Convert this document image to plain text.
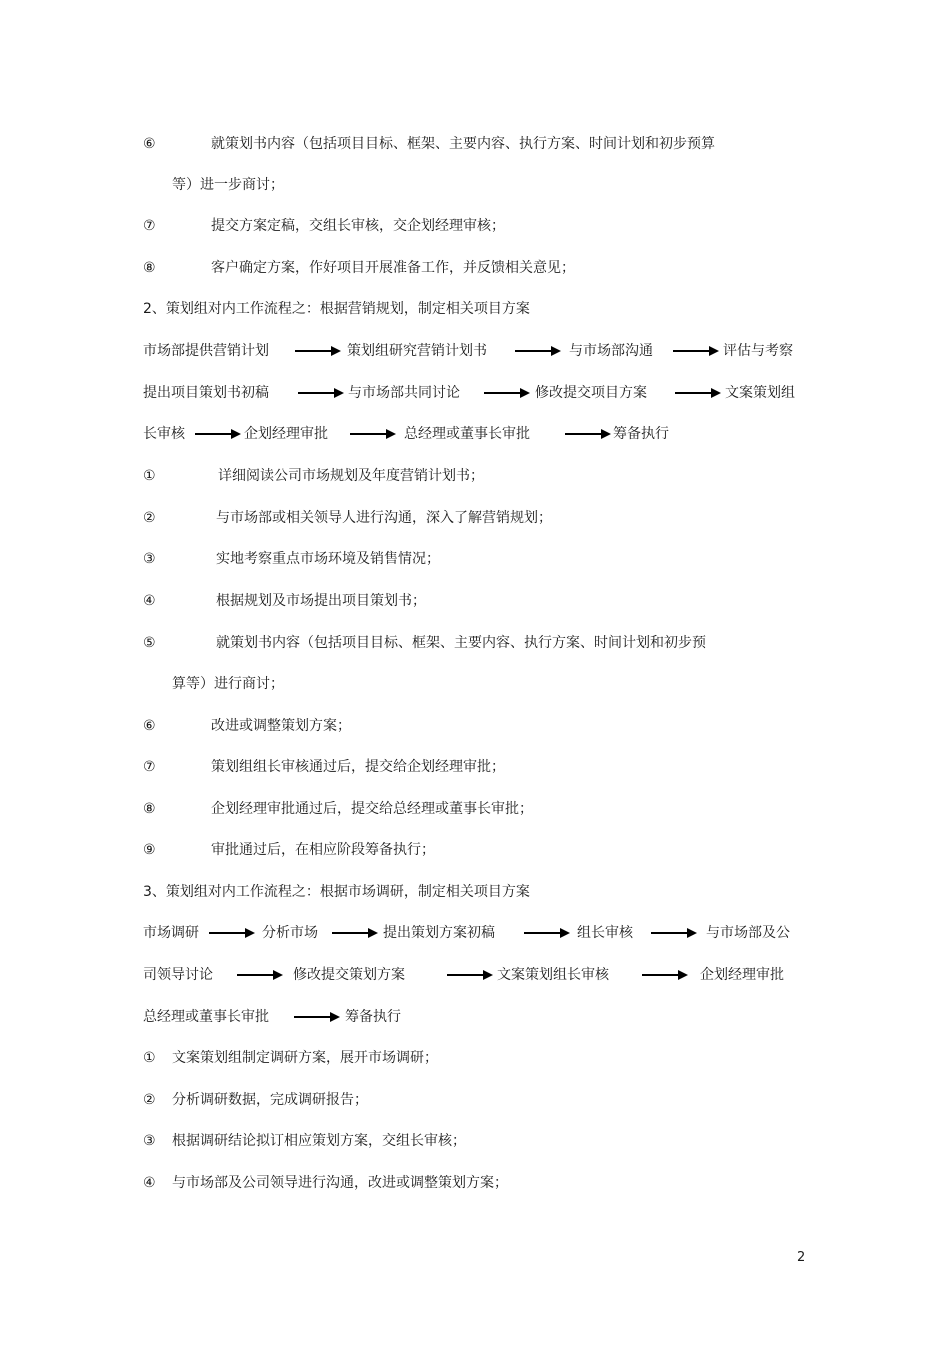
⑥	就策划书内容（包括项目目标、框架、主要内容、执行方案、时间计划和初步预算
等）进一步商讨；
⑦	提交方案定稿，交组长审核，交企划经理审核；
⑧	客户确定方案，作好项目开展准备工作，并反馈相关意见；
2、策划组对内工作流程之：根据营销规划，制定相关项目方案
市场部提供营销计划	策划组研究营销计划书	与市场部沟通	评估与考察
提出项目策划书初稿	与市场部共同讨论	修改提交项目方案	文案策划组
长审核	企划经理审批	总经理或董事长审批	筹备执行
①	详细阅读公司市场规划及年度营销计划书；
②	与市场部或相关领导人进行沟通，深入了解营销规划；
③	实地考察重点市场环境及销售情况；
④	根据规划及市场提出项目策划书；
⑤	就策划书内容（包括项目目标、框架、主要内容、执行方案、时间计划和初步预
算等）进行商讨；
⑥	改进或调整策划方案；
⑦	策划组组长审核通过后，提交给企划经理审批；
⑧	企划经理审批通过后，提交给总经理或董事长审批；
⑨	审批通过后，在相应阶段筹备执行；
3、策划组对内工作流程之：根据市场调研，制定相关项目方案
市场调研	分析市场	提出策划方案初稿	组长审核	与市场部及公
司领导讨论	修改提交策划方案	文案策划组长审核	企划经理审批
总经理或董事长审批	筹备执行
① 文案策划组制定调研方案，展开市场调研；
② 分析调研数据，完成调研报告；
③ 根据调研结论拟订相应策划方案，交组长审核；
④ 与市场部及公司领导进行沟通，改进或调整策划方案；
2
